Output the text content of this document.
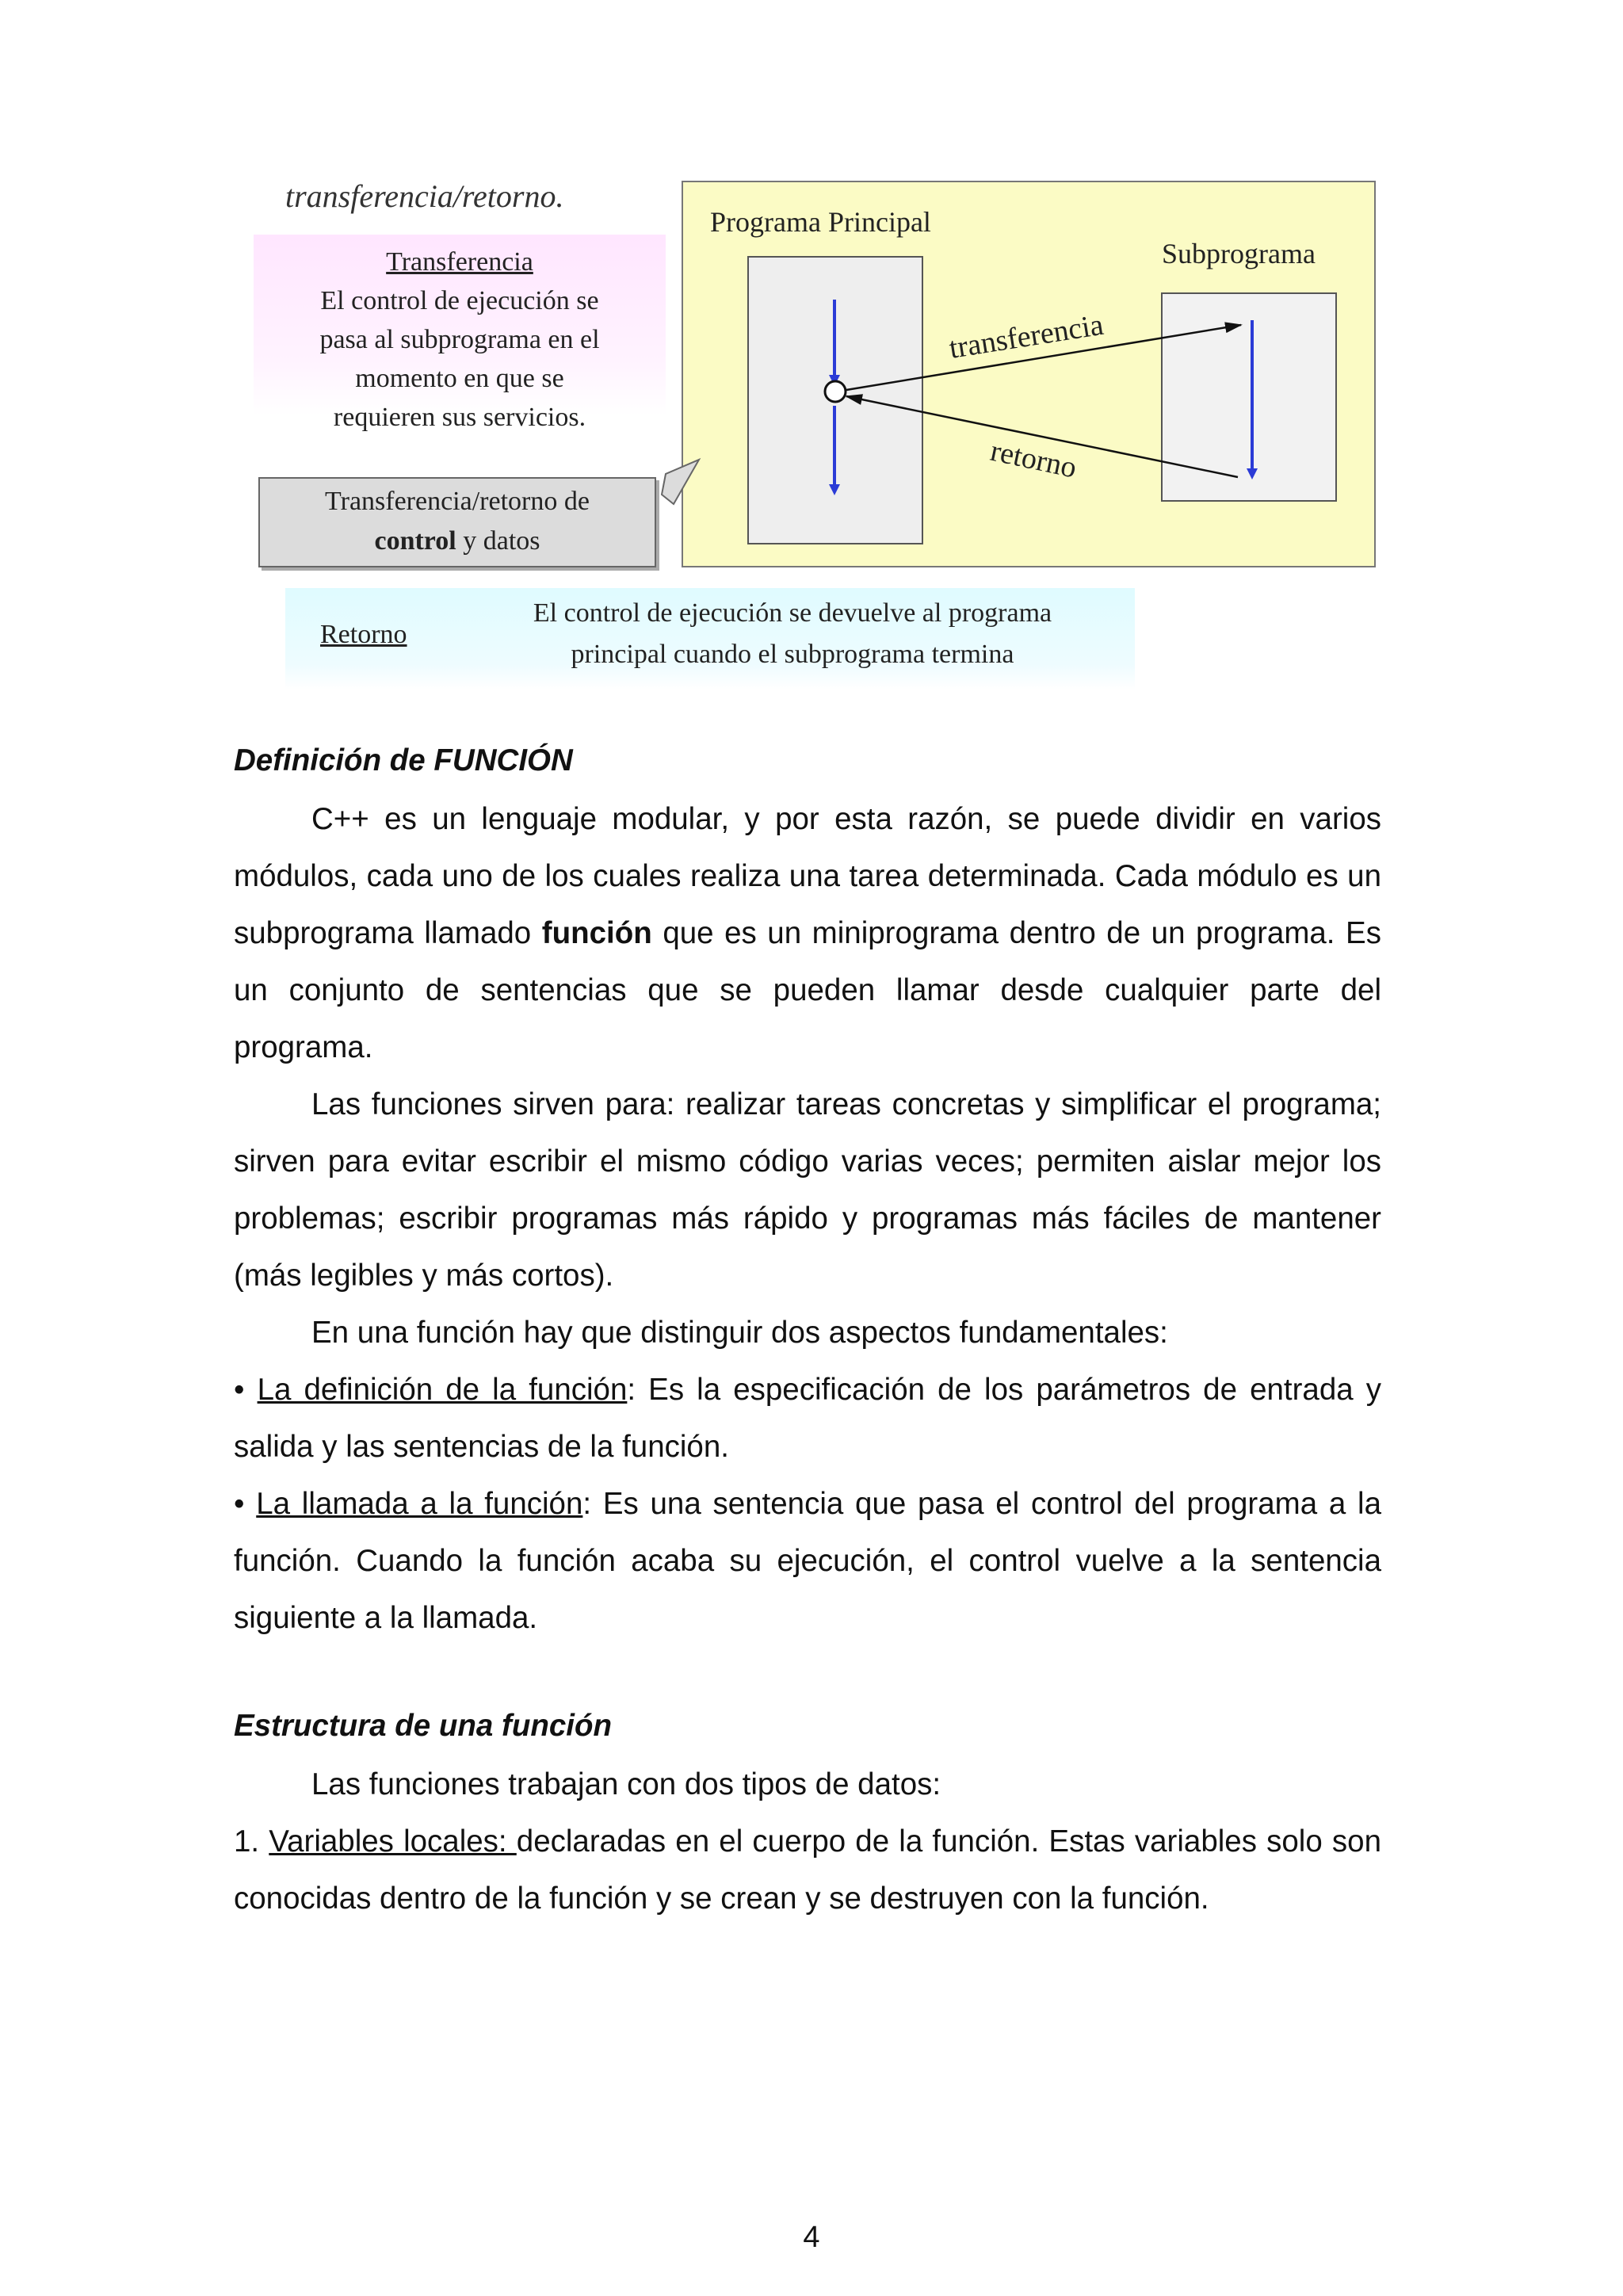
transferencia/retorno.
Transferencia
El control de ejecución se
pasa al subprograma en el
momento en que se
requieren sus servicios.
Programa Principal
Subprograma
transferencia
retorno
Transferencia/retorno de
control y datos
Retorno
El control de ejecución se devuelve al programa
principal cuando el subprograma termina
Definición de FUNCIÓN

C++ es un lenguaje modular, y por esta razón, se puede dividir en varios módulos, cada uno de los cuales realiza una tarea determinada. Cada módulo es un subprograma llamado función que es un miniprograma dentro de un programa. Es un conjunto de sentencias que se pueden llamar desde cualquier parte del programa.

Las funciones sirven para: realizar tareas concretas y simplificar el programa; sirven para evitar escribir el mismo código varias veces; permiten aislar mejor los problemas; escribir programas más rápido y programas más fáciles de mantener (más legibles y más cortos).

En una función hay que distinguir dos aspectos fundamentales:

• La definición de la función: Es la especificación de los parámetros de entrada y salida y las sentencias de la función.

• La llamada a la función: Es una sentencia que pasa el control del programa a la función. Cuando la función acaba su ejecución, el control vuelve a la sentencia siguiente a la llamada.

Estructura de una función

Las funciones trabajan con dos tipos de datos:

1. Variables locales: declaradas en el cuerpo de la función. Estas variables solo son conocidas dentro de la función y se crean y se destruyen con la función.

4
